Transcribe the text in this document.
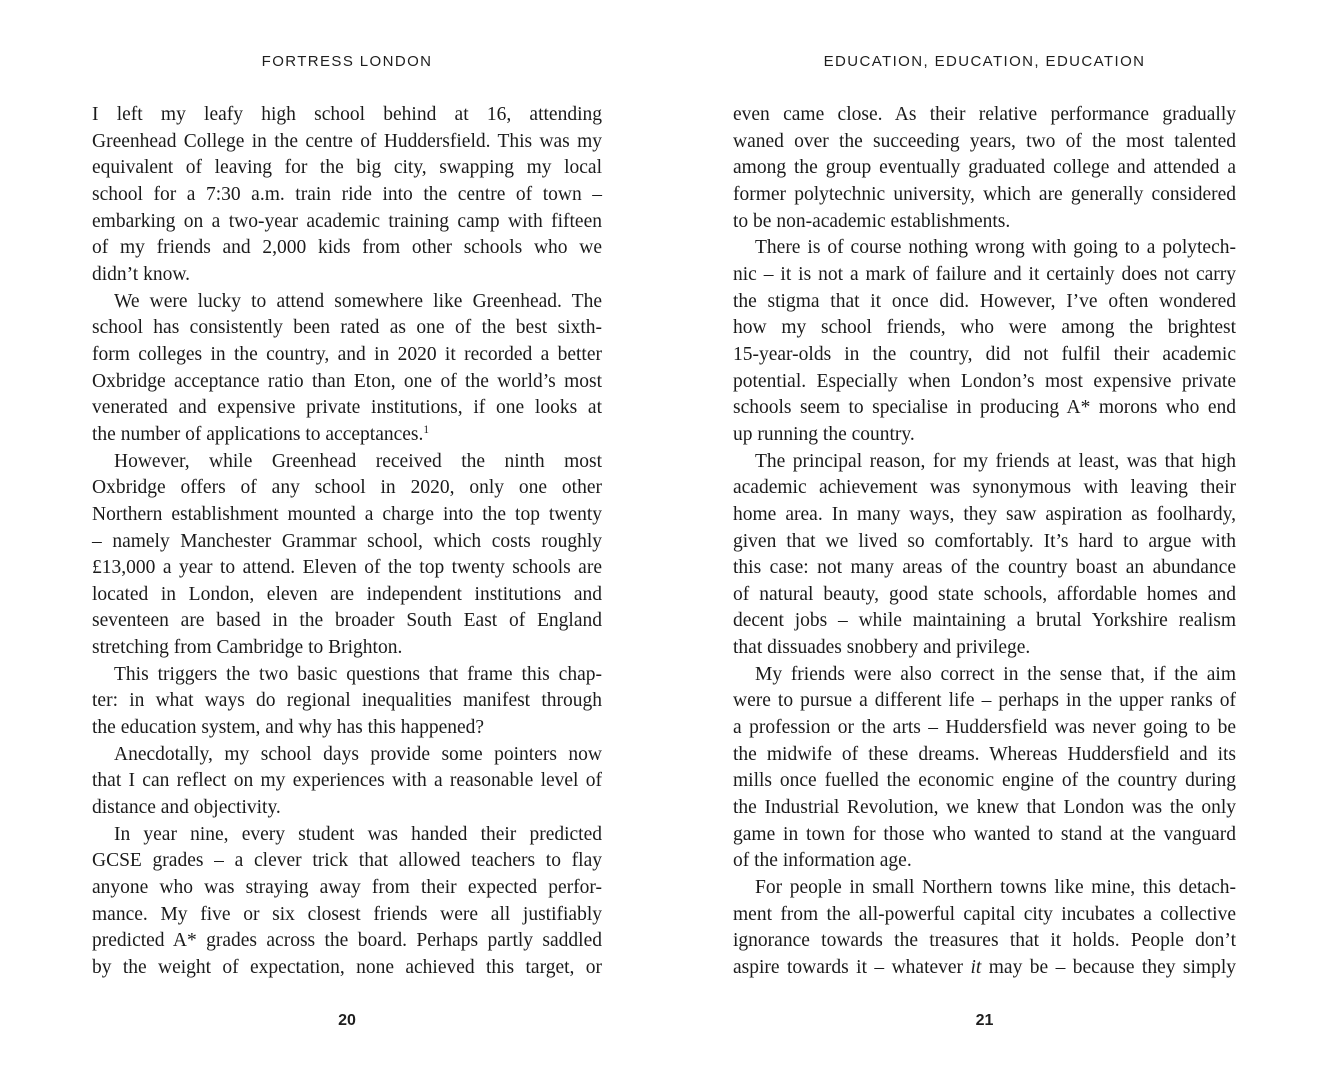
FORTRESS LONDON
I left my leafy high school behind at 16, attending
Greenhead College in the centre of Huddersfield. This was my
equivalent of leaving for the big city, swapping my local
school for a 7:30 a.m. train ride into the centre of town –
embarking on a two-year academic training camp with fifteen
of my friends and 2,000 kids from other schools who we
didn’t know.
We were lucky to attend somewhere like Greenhead. The
school has consistently been rated as one of the best sixth-
form colleges in the country, and in 2020 it recorded a better
Oxbridge acceptance ratio than Eton, one of the world’s most
venerated and expensive private institutions, if one looks at
the number of applications to acceptances.$^1$
However, while Greenhead received the ninth most
Oxbridge offers of any school in 2020, only one other
Northern establishment mounted a charge into the top twenty
– namely Manchester Grammar school, which costs roughly
£13,000 a year to attend. Eleven of the top twenty schools are
located in London, eleven are independent institutions and
seventeen are based in the broader South East of England
stretching from Cambridge to Brighton.
This triggers the two basic questions that frame this chap-
ter: in what ways do regional inequalities manifest through
the education system, and why has this happened?
Anecdotally, my school days provide some pointers now
that I can reflect on my experiences with a reasonable level of
distance and objectivity.
In year nine, every student was handed their predicted
GCSE grades – a clever trick that allowed teachers to flay
anyone who was straying away from their expected perfor-
mance. My five or six closest friends were all justifiably
predicted A* grades across the board. Perhaps partly saddled
by the weight of expectation, none achieved this target, or
20
EDUCATION, EDUCATION, EDUCATION
even came close. As their relative performance gradually
waned over the succeeding years, two of the most talented
among the group eventually graduated college and attended a
former polytechnic university, which are generally considered
to be non-academic establishments.
There is of course nothing wrong with going to a polytech-
nic – it is not a mark of failure and it certainly does not carry
the stigma that it once did. However, I’ve often wondered
how my school friends, who were among the brightest
15-year-olds in the country, did not fulfil their academic
potential. Especially when London’s most expensive private
schools seem to specialise in producing A* morons who end
up running the country.
The principal reason, for my friends at least, was that high
academic achievement was synonymous with leaving their
home area. In many ways, they saw aspiration as foolhardy,
given that we lived so comfortably. It’s hard to argue with
this case: not many areas of the country boast an abundance
of natural beauty, good state schools, affordable homes and
decent jobs – while maintaining a brutal Yorkshire realism
that dissuades snobbery and privilege.
My friends were also correct in the sense that, if the aim
were to pursue a different life – perhaps in the upper ranks of
a profession or the arts – Huddersfield was never going to be
the midwife of these dreams. Whereas Huddersfield and its
mills once fuelled the economic engine of the country during
the Industrial Revolution, we knew that London was the only
game in town for those who wanted to stand at the vanguard
of the information age.
For people in small Northern towns like mine, this detach-
ment from the all-powerful capital city incubates a collective
ignorance towards the treasures that it holds. People don’t
aspire towards it – whatever it may be – because they simply
21
